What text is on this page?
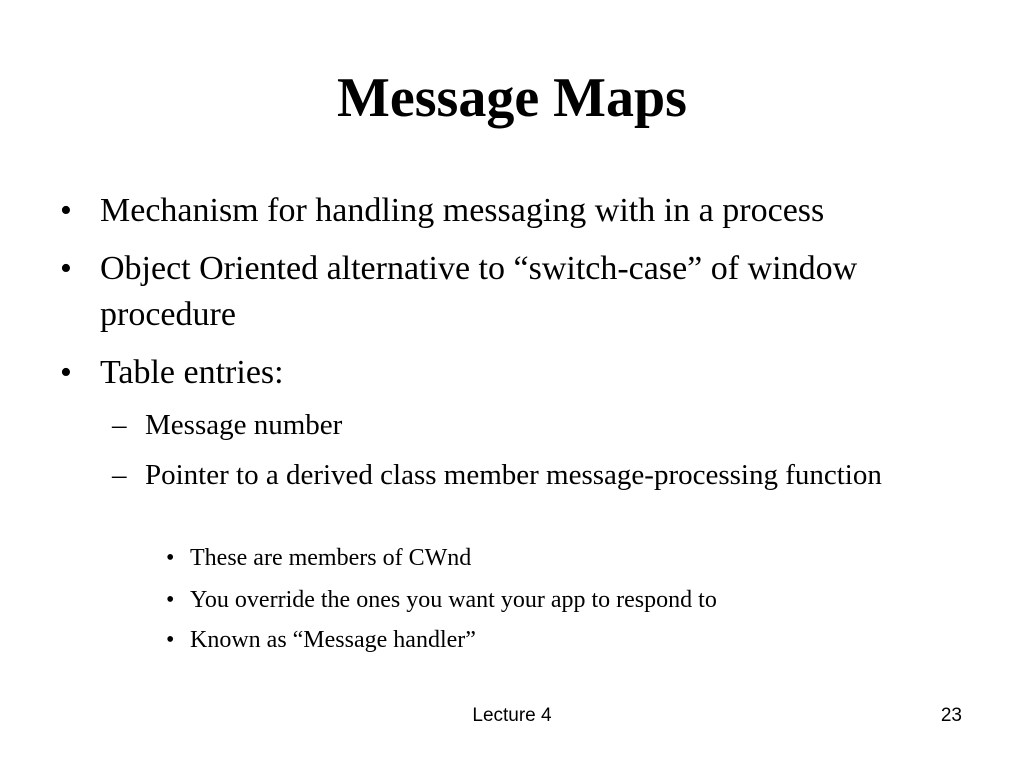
Message Maps
• Mechanism for handling messaging with in a process
• Object Oriented alternative to “switch-case” of window procedure
• Table entries:
– Message number
– Pointer to a derived class member message-processing function
• These are members of CWnd
• You override the ones you want your app to respond to
• Known as “Message handler”
Lecture 4	23
